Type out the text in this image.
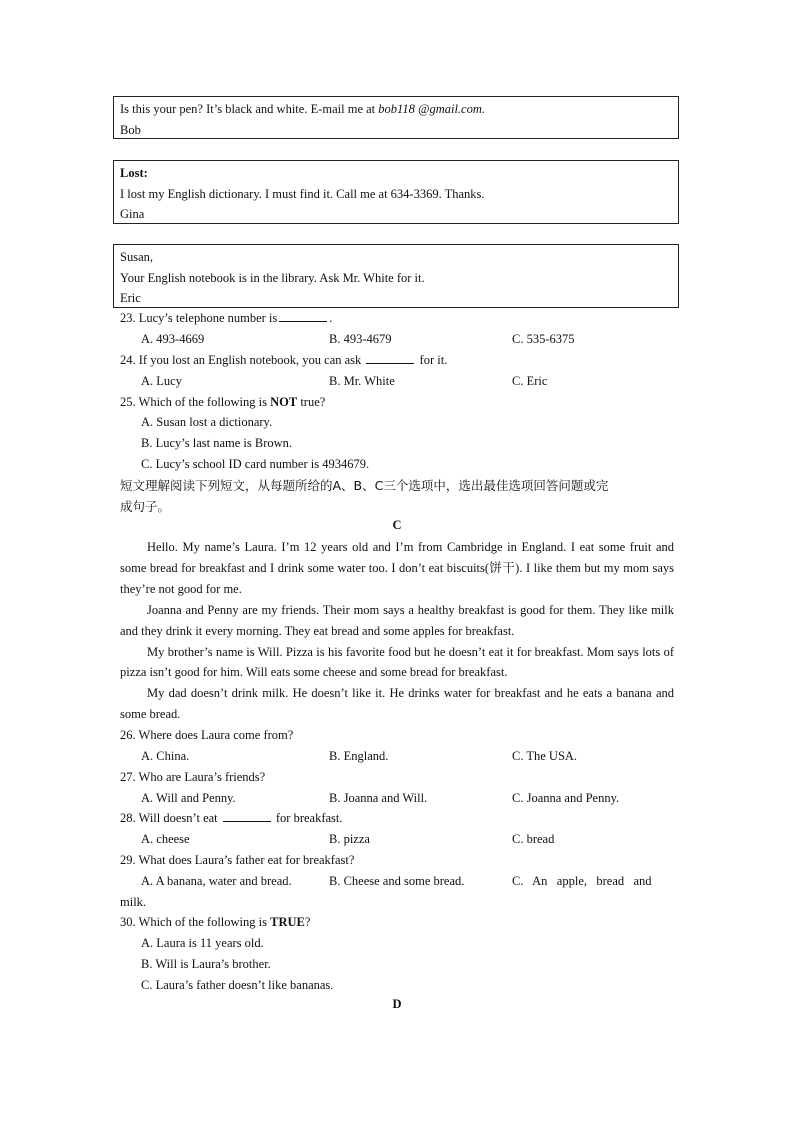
Is this your pen? It’s black and white. E-mail me at bob118 @gmail.com.
Bob
Lost:
I lost my English dictionary. I must find it. Call me at 634-3369. Thanks.
Gina
Susan,
Your English notebook is in the library. Ask Mr. White for it.
Eric
23. Lucy’s telephone number is	.
A. 493-4669	B. 493-4679	C. 535-6375
24. If you lost an English notebook, you can ask	for it.
A. Lucy	B. Mr. White	C. Eric
25. Which of the following is NOT true?
A. Susan lost a dictionary.
B. Lucy’s last name is Brown.
C. Lucy’s school ID card number is 4934679.
短文理解阅读下列短文，从每题所给的A、B、C三个选项中，选出最佳选项回答问题或完
成句子。
C

Hello. My name’s Laura. I’m 12 years old and I’m from Cambridge in England. I eat some fruit and some bread for breakfast and I drink some water too. I don’t eat biscuits(饼干). I like them but my mom says they’re not good for me.

Joanna and Penny are my friends. Their mom says a healthy breakfast is good for them. They like milk and they drink it every morning. They eat bread and some apples for breakfast.

My brother’s name is Will. Pizza is his favorite food but he doesn’t eat it for breakfast. Mom says lots of pizza isn’t good for him. Will eats some cheese and some bread for breakfast.

My dad doesn’t drink milk. He doesn’t like it. He drinks water for breakfast and he eats a banana and some bread.

26. Where does Laura come from?
A. China.	B. England.	C. The USA.
27. Who are Laura’s friends?
A. Will and Penny.	B. Joanna and Will.	C. Joanna and Penny.
28. Will doesn’t eat	for breakfast.
A. cheese	B. pizza	C. bread
29. What does Laura’s father eat for breakfast?
A. A banana, water and bread.	B. Cheese and some bread.	C.   An   apple,   bread   and
milk.
30. Which of the following is TRUE?
A. Laura is 11 years old.
B. Will is Laura’s brother.
C. Laura’s father doesn’t like bananas.
D
